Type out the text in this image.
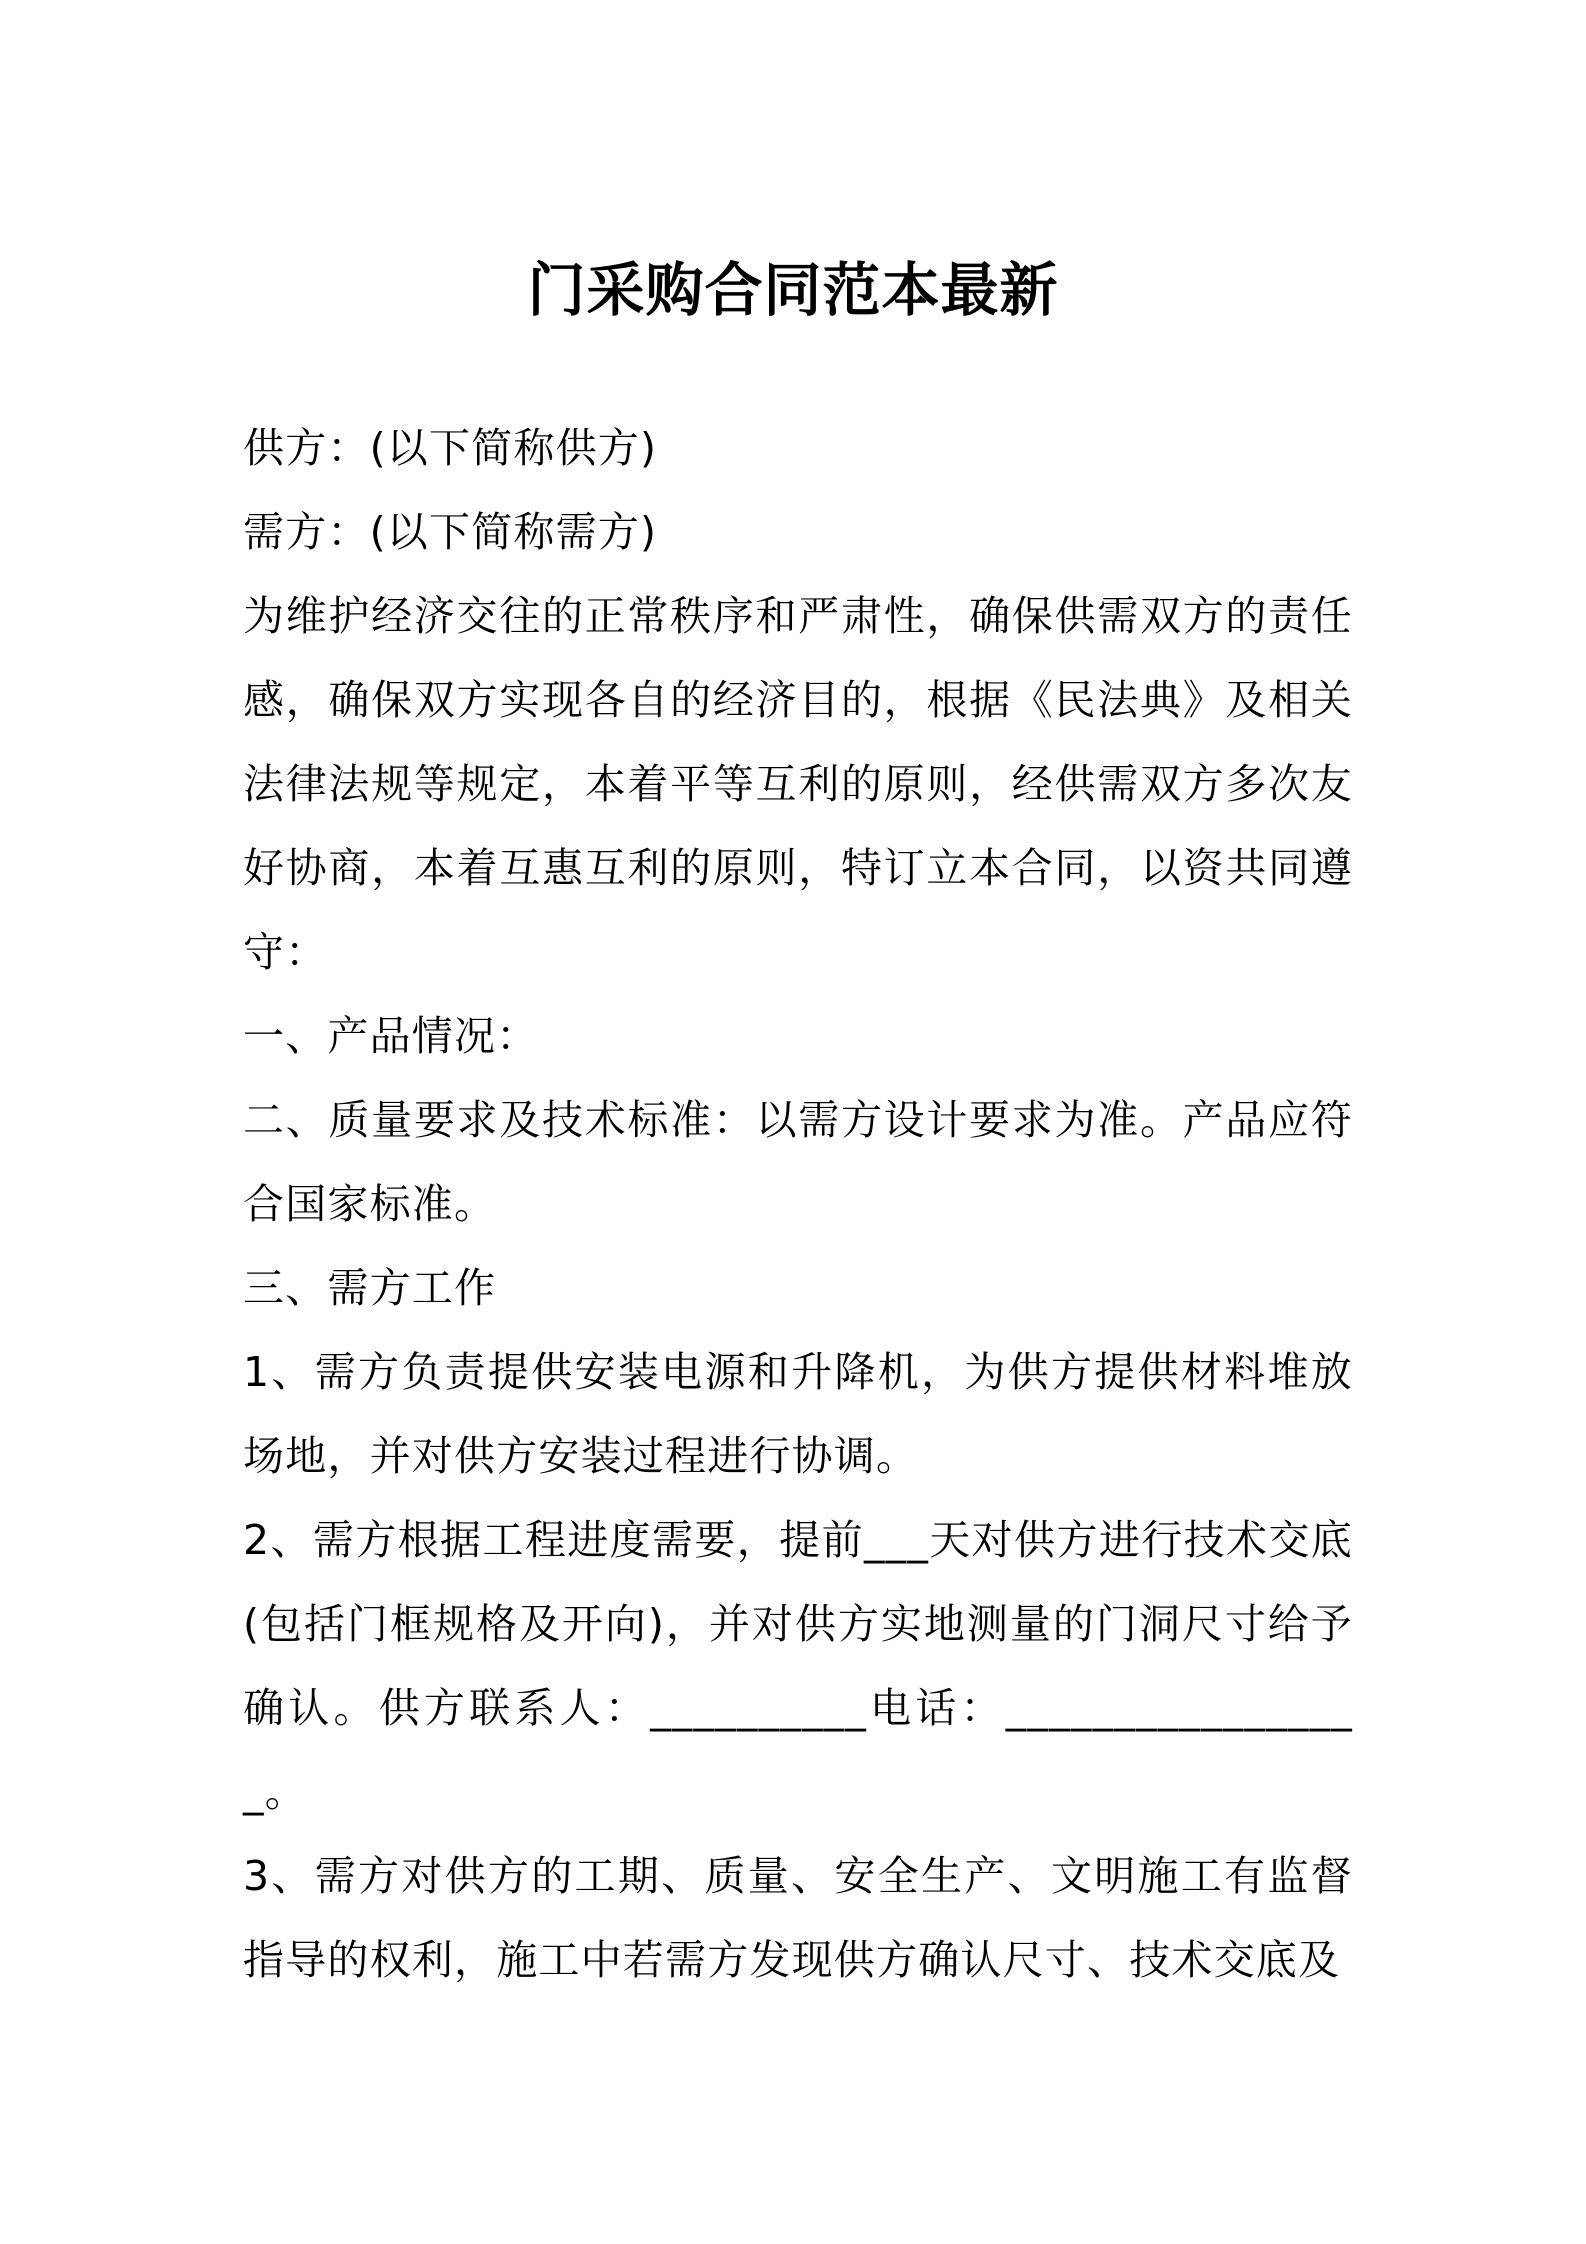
门采购合同范本最新

供方：(以下简称供方)

需方：(以下简称需方)

为维护经济交往的正常秩序和严肃性，确保供需双方的责任感，确保双方实现各自的经济目的，根据《民法典》及相关法律法规等规定，本着平等互利的原则，经供需双方多次友好协商，本着互惠互利的原则，特订立本合同，以资共同遵守：

一、产品情况：

二、质量要求及技术标准：以需方设计要求为准。产品应符合国家标准。

三、需方工作

1、需方负责提供安装电源和升降机，为供方提供材料堆放场地，并对供方安装过程进行协调。

2、需方根据工程进度需要，提前___天对供方进行技术交底(包括门框规格及开向)，并对供方实地测量的门洞尺寸给予确认。供方联系人：__________电话：_________________。

3、需方对供方的工期、质量、安全生产、文明施工有监督指导的权利，施工中若需方发现供方确认尺寸、技术交底及
